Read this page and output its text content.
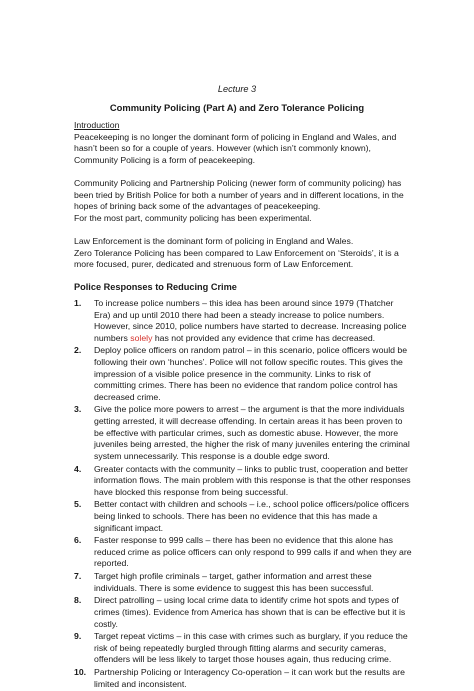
Lecture 3
Community Policing (Part A) and Zero Tolerance Policing

Introduction
Peacekeeping is no longer the dominant form of policing in England and Wales, and hasn’t been so for a couple of years. However (which isn’t commonly known), Community Policing is a form of peacekeeping.

Community Policing and Partnership Policing (newer form of community policing) has been tried by British Police for both a number of years and in different locations, in the hopes of brining back some of the advantages of peacekeeping.
For the most part, community policing has been experimental.

Law Enforcement is the dominant form of policing in England and Wales.
Zero Tolerance Policing has been compared to Law Enforcement on ‘Steroids’, it is a more focused, purer, dedicated and strenuous form of Law Enforcement.

Police Responses to Reducing Crime
1.	To increase police numbers – this idea has been around since 1979 (Thatcher Era) and up until 2010 there had been a steady increase to police numbers. However, since 2010, police numbers have started to decrease. Increasing police numbers solely has not provided any evidence that crime has decreased.
2.	Deploy police officers on random patrol – in this scenario, police officers would be following their own ‘hunches’. Police will not follow specific routes. This gives the impression of a visible police presence in the community. Links to risk of committing crimes. There has been no evidence that random police control has decreased crime.
3.	Give the police more powers to arrest – the argument is that the more individuals getting arrested, it will decrease offending. In certain areas it has been proven to be effective with particular crimes, such as domestic abuse. However, the more juveniles being arrested, the higher the risk of many juveniles entering the criminal system unnecessarily. This response is a double edge sword.
4.	Greater contacts with the community – links to public trust, cooperation and better information flows. The main problem with this response is that the other responses have blocked this response from being successful.
5.	Better contact with children and schools – i.e., school police officers/police officers being linked to schools. There has been no evidence that this has made a significant impact.
6.	Faster response to 999 calls – there has been no evidence that this alone has reduced crime as police officers can only respond to 999 calls if and when they are reported.
7.	Target high profile criminals – target, gather information and arrest these individuals. There is some evidence to suggest this has been successful.
8.	Direct patrolling – using local crime data to identify crime hot spots and types of crimes (times). Evidence from America has shown that is can be effective but it is costly.
9.	Target repeat victims – in this case with crimes such as burglary, if you reduce the risk of being repeatedly burgled through fitting alarms and security cameras, offenders will be less likely to target those houses again, thus reducing crime.
10. Partnership Policing or Interagency Co-operation – it can work but the results are limited and inconsistent.
